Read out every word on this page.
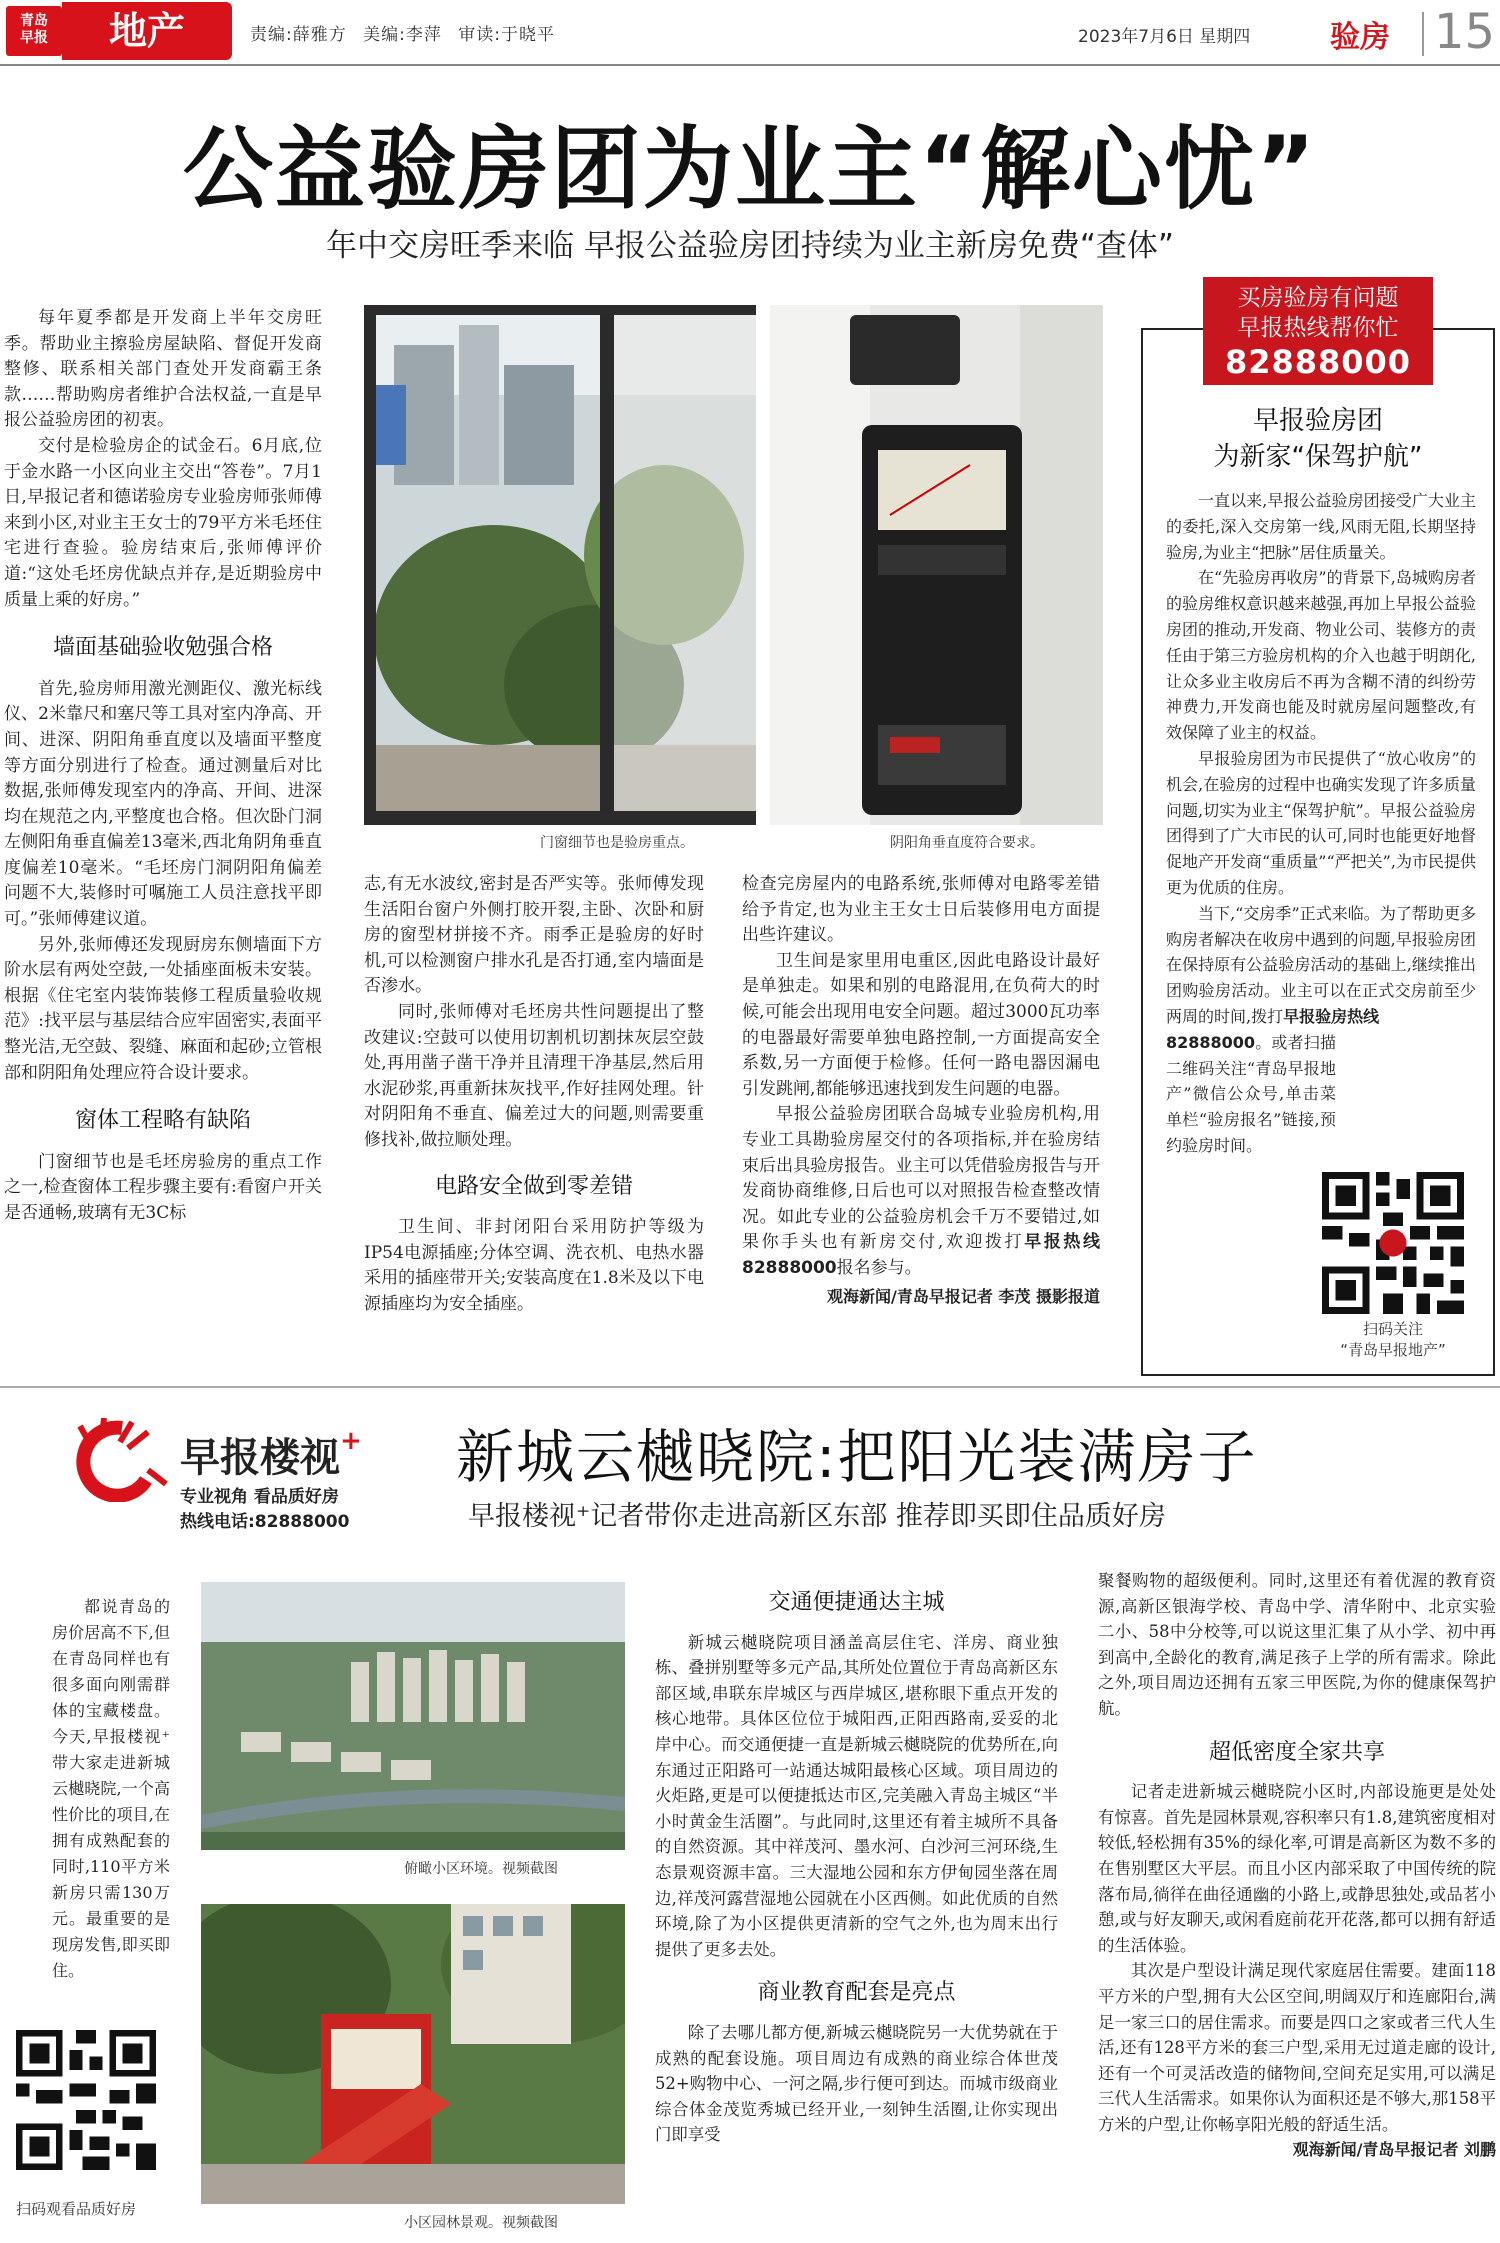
青岛
早报	地产	责编:薛雅方 美编:李萍 审读:于晓平	2023年7月6日 星期四	验房 15
公益验房团为业主“解心忧”
年中交房旺季来临 早报公益验房团持续为业主新房免费“查体”

每年夏季都是开发商上半年交房旺季。帮助业主擦验房屋缺陷、督促开发商整修、联系相关部门查处开发商霸王条款……帮助购房者维护合法权益,一直是早报公益验房团的初衷。

交付是检验房企的试金石。6月底,位于金水路一小区向业主交出“答卷”。7月1日,早报记者和德诺验房专业验房师张师傅来到小区,对业主王女士的79平方米毛坯住宅进行查验。验房结束后,张师傅评价道:“这处毛坯房优缺点并存,是近期验房中质量上乘的好房。”

墙面基础验收勉强合格

首先,验房师用激光测距仪、激光标线仪、2米靠尺和塞尺等工具对室内净高、开间、进深、阴阳角垂直度以及墙面平整度等方面分别进行了检查。通过测量后对比数据,张师傅发现室内的净高、开间、进深均在规范之内,平整度也合格。但次卧门洞左侧阳角垂直偏差13毫米,西北角阴角垂直度偏差10毫米。“毛坯房门洞阴阳角偏差问题不大,装修时可嘱施工人员注意找平即可。”张师傅建议道。

另外,张师傅还发现厨房东侧墙面下方阶水层有两处空鼓,一处插座面板未安装。根据《住宅室内装饰装修工程质量验收规范》:找平层与基层结合应牢固密实,表面平整光洁,无空鼓、裂缝、麻面和起砂;立管根部和阴阳角处理应符合设计要求。

窗体工程略有缺陷

门窗细节也是毛坯房验房的重点工作之一,检查窗体工程步骤主要有:看窗户开关是否通畅,玻璃有无3C标

门窗细节也是验房重点。	阴阳角垂直度符合要求。

志,有无水波纹,密封是否严实等。张师傅发现生活阳台窗户外侧打胶开裂,主卧、次卧和厨房的窗型材拼接不齐。雨季正是验房的好时机,可以检测窗户排水孔是否打通,室内墙面是否渗水。

同时,张师傅对毛坯房共性问题提出了整改建议:空鼓可以使用切割机切割抹灰层空鼓处,再用凿子凿干净并且清理干净基层,然后用水泥砂浆,再重新抹灰找平,作好挂网处理。针对阴阳角不垂直、偏差过大的问题,则需要重修找补,做拉顺处理。

电路安全做到零差错

卫生间、非封闭阳台采用防护等级为IP54电源插座;分体空调、洗衣机、电热水器采用的插座带开关;安装高度在1.8米及以下电源插座均为安全插座。

检查完房屋内的电路系统,张师傅对电路零差错给予肯定,也为业主王女士日后装修用电方面提出些许建议。

卫生间是家里用电重区,因此电路设计最好是单独走。如果和别的电路混用,在负荷大的时候,可能会出现用电安全问题。超过3000瓦功率的电器最好需要单独电路控制,一方面提高安全系数,另一方面便于检修。任何一路电器因漏电引发跳闸,都能够迅速找到发生问题的电器。

早报公益验房团联合岛城专业验房机构,用专业工具勘验房屋交付的各项指标,并在验房结束后出具验房报告。业主可以凭借验房报告与开发商协商维修,日后也可以对照报告检查整改情况。如此专业的公益验房机会千万不要错过,如果你手头也有新房交付,欢迎拨打早报热线 82888000报名参与。

观海新闻/青岛早报记者 李茂 摄影报道

买房验房有问题
早报热线帮你忙
82888000
早报验房团
为新家“保驾护航”

一直以来,早报公益验房团接受广大业主的委托,深入交房第一线,风雨无阻,长期坚持验房,为业主“把脉”居住质量关。

在“先验房再收房”的背景下,岛城购房者的验房维权意识越来越强,再加上早报公益验房团的推动,开发商、物业公司、装修方的责任由于第三方验房机构的介入也越于明朗化,让众多业主收房后不再为含糊不清的纠纷劳神费力,开发商也能及时就房屋问题整改,有效保障了业主的权益。

早报验房团为市民提供了“放心收房”的机会,在验房的过程中也确实发现了许多质量问题,切实为业主“保驾护航”。早报公益验房团得到了广大市民的认可,同时也能更好地督促地产开发商“重质量”“严把关”,为市民提供更为优质的住房。

当下,“交房季”正式来临。为了帮助更多购房者解决在收房中遇到的问题,早报验房团在保持原有公益验房活动的基础上,继续推出团购验房活动。业主可以在正式交房前至少两周的时间,拨打早报验房热线

82888000。或者扫描二维码关注“青岛早报地产”微信公众号,单击菜单栏“验房报名”链接,预约验房时间。
扫码关注
“青岛早报地产”
早报楼视+
专业视角 看品质好房
热线电话:82888000
新城云樾晓院:把阳光装满房子
早报楼视⁺记者带你走进高新区东部 推荐即买即住品质好房

都说青岛的房价居高不下,但在青岛同样也有很多面向刚需群体的宝藏楼盘。今天,早报楼视⁺带大家走进新城云樾晓院,一个高性价比的项目,在拥有成熟配套的同时,110平方米新房只需130万元。最重要的是现房发售,即买即住。

扫码观看品质好房
俯瞰小区环境。视频截图
小区园林景观。视频截图
交通便捷通达主城

新城云樾晓院项目涵盖高层住宅、洋房、商业独栋、叠拼别墅等多元产品,其所处位置位于青岛高新区东部区域,串联东岸城区与西岸城区,堪称眼下重点开发的核心地带。具体区位位于城阳西,正阳西路南,妥妥的北岸中心。而交通便捷一直是新城云樾晓院的优势所在,向东通过正阳路可一站通达城阳最核心区域。项目周边的火炬路,更是可以便捷抵达市区,完美融入青岛主城区“半小时黄金生活圈”。与此同时,这里还有着主城所不具备的自然资源。其中祥茂河、墨水河、白沙河三河环绕,生态景观资源丰富。三大湿地公园和东方伊甸园坐落在周边,祥茂河露营湿地公园就在小区西侧。如此优质的自然环境,除了为小区提供更清新的空气之外,也为周末出行提供了更多去处。

商业教育配套是亮点

除了去哪儿都方便,新城云樾晓院另一大优势就在于成熟的配套设施。项目周边有成熟的商业综合体世茂52+购物中心、一河之隔,步行便可到达。而城市级商业综合体金茂览秀城已经开业,一刻钟生活圈,让你实现出门即享受

聚餐购物的超级便利。同时,这里还有着优渥的教育资源,高新区银海学校、青岛中学、清华附中、北京实验二小、58中分校等,可以说这里汇集了从小学、初中再到高中,全龄化的教育,满足孩子上学的所有需求。除此之外,项目周边还拥有五家三甲医院,为你的健康保驾护航。

超低密度全家共享

记者走进新城云樾晓院小区时,内部设施更是处处有惊喜。首先是园林景观,容积率只有1.8,建筑密度相对较低,轻松拥有35%的绿化率,可谓是高新区为数不多的在售别墅区大平层。而且小区内部采取了中国传统的院落布局,徜徉在曲径通幽的小路上,或静思独处,或品茗小憩,或与好友聊天,或闲看庭前花开花落,都可以拥有舒适的生活体验。

其次是户型设计满足现代家庭居住需要。建面118平方米的户型,拥有大公区空间,明阔双厅和连廊阳台,满足一家三口的居住需求。而要是四口之家或者三代人生活,还有128平方米的套三户型,采用无过道走廊的设计,还有一个可灵活改造的储物间,空间充足实用,可以满足三代人生活需求。如果你认为面积还是不够大,那158平方米的户型,让你畅享阳光般的舒适生活。

观海新闻/青岛早报记者 刘鹏
